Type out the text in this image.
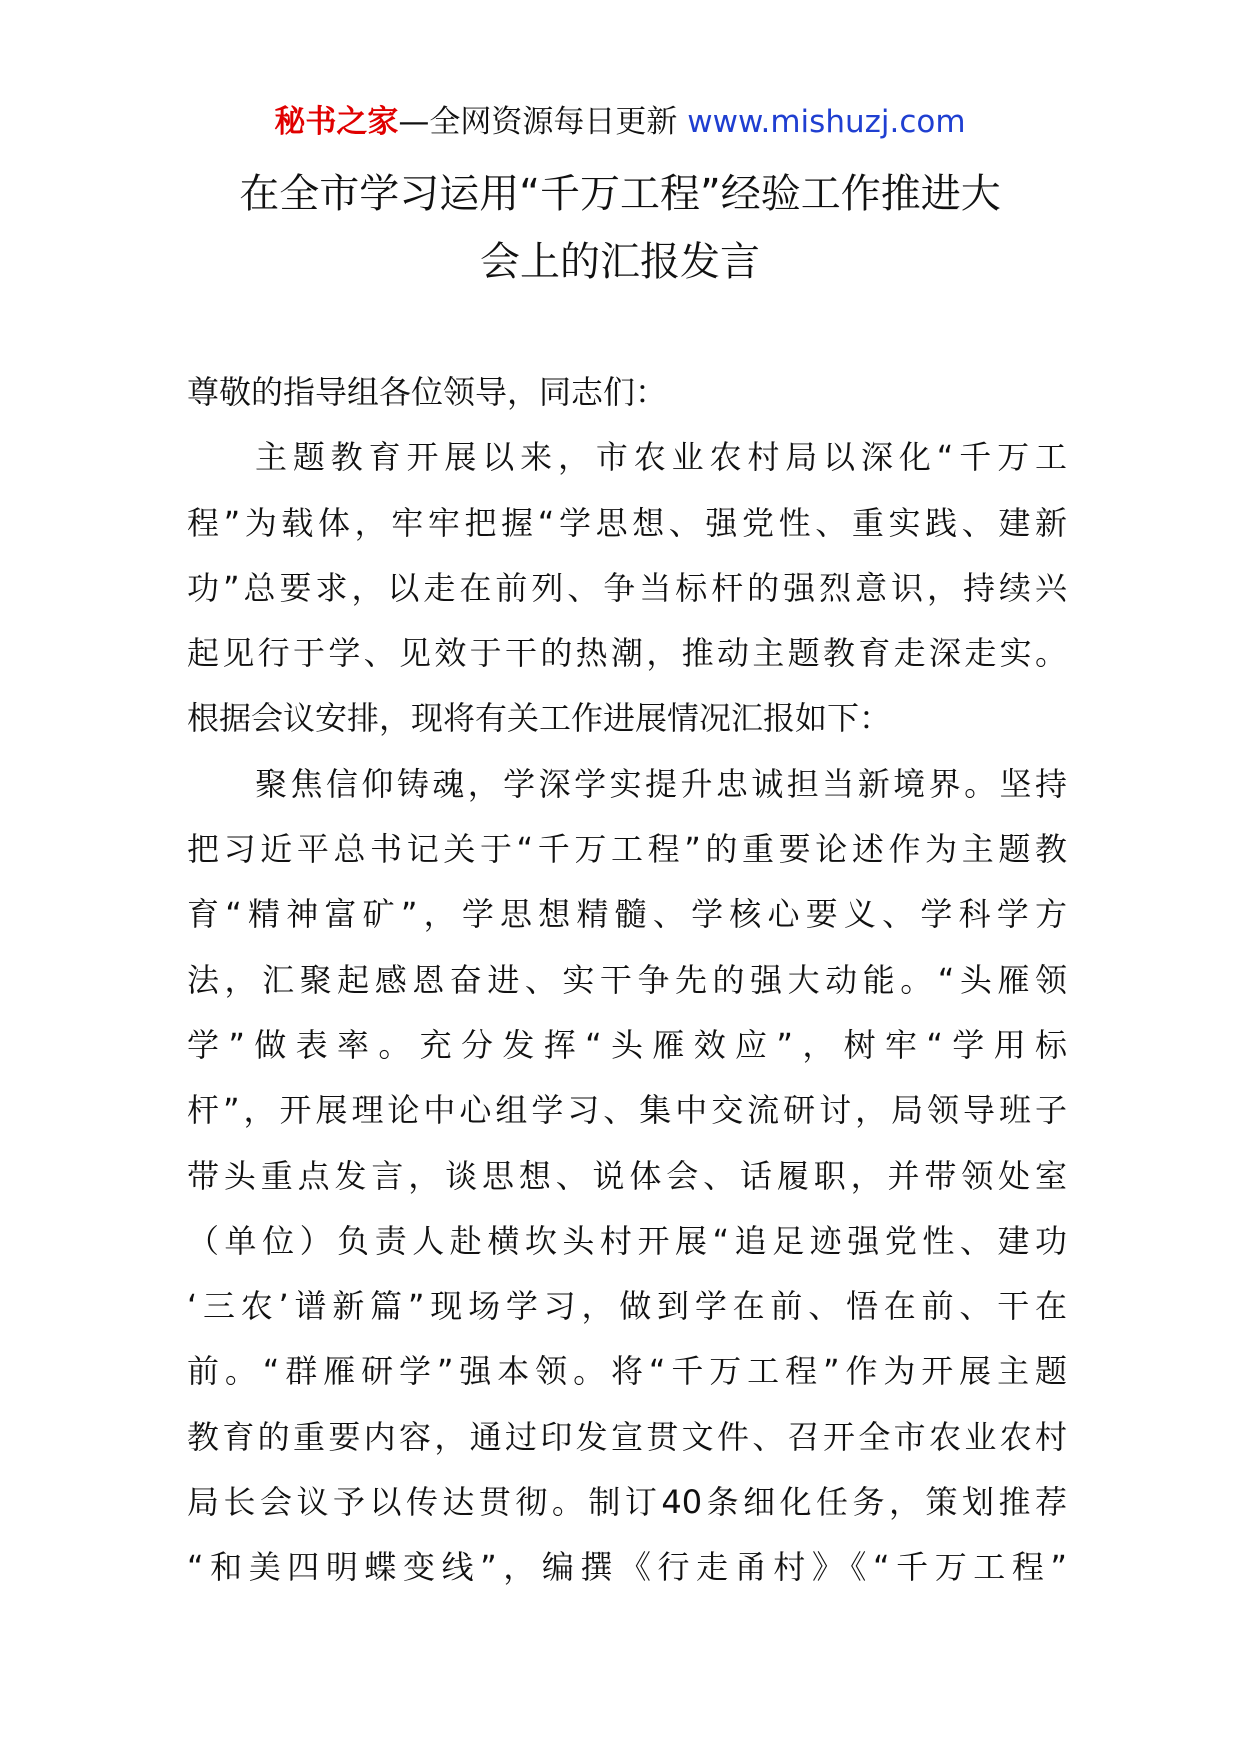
秘书之家—全网资源每日更新 www.mishuzj.com
在全市学习运用“千万工程”经验工作推进大
会上的汇报发言
尊敬的指导组各位领导，同志们：
主题教育开展以来，市农业农村局以深化“千万工
程”为载体，牢牢把握“学思想、强党性、重实践、建新
功”总要求，以走在前列、争当标杆的强烈意识，持续兴
起见行于学、见效于干的热潮，推动主题教育走深走实。
根据会议安排，现将有关工作进展情况汇报如下：
聚焦信仰铸魂，学深学实提升忠诚担当新境界。坚持
把习近平总书记关于“千万工程”的重要论述作为主题教
育“精神富矿”，学思想精髓、学核心要义、学科学方
法，汇聚起感恩奋进、实干争先的强大动能。“头雁领
学”做表率。充分发挥“头雁效应”，树牢“学用标
杆”，开展理论中心组学习、集中交流研讨，局领导班子
带头重点发言，谈思想、说体会、话履职，并带领处室
（单位）负责人赴横坎头村开展“追足迹强党性、建功
‘三农’谱新篇”现场学习，做到学在前、悟在前、干在
前。“群雁研学”强本领。将“千万工程”作为开展主题
教育的重要内容，通过印发宣贯文件、召开全市农业农村
局长会议予以传达贯彻。制订40条细化任务，策划推荐
“和美四明蝶变线”，编撰《行走甬村》《“千万工程”
